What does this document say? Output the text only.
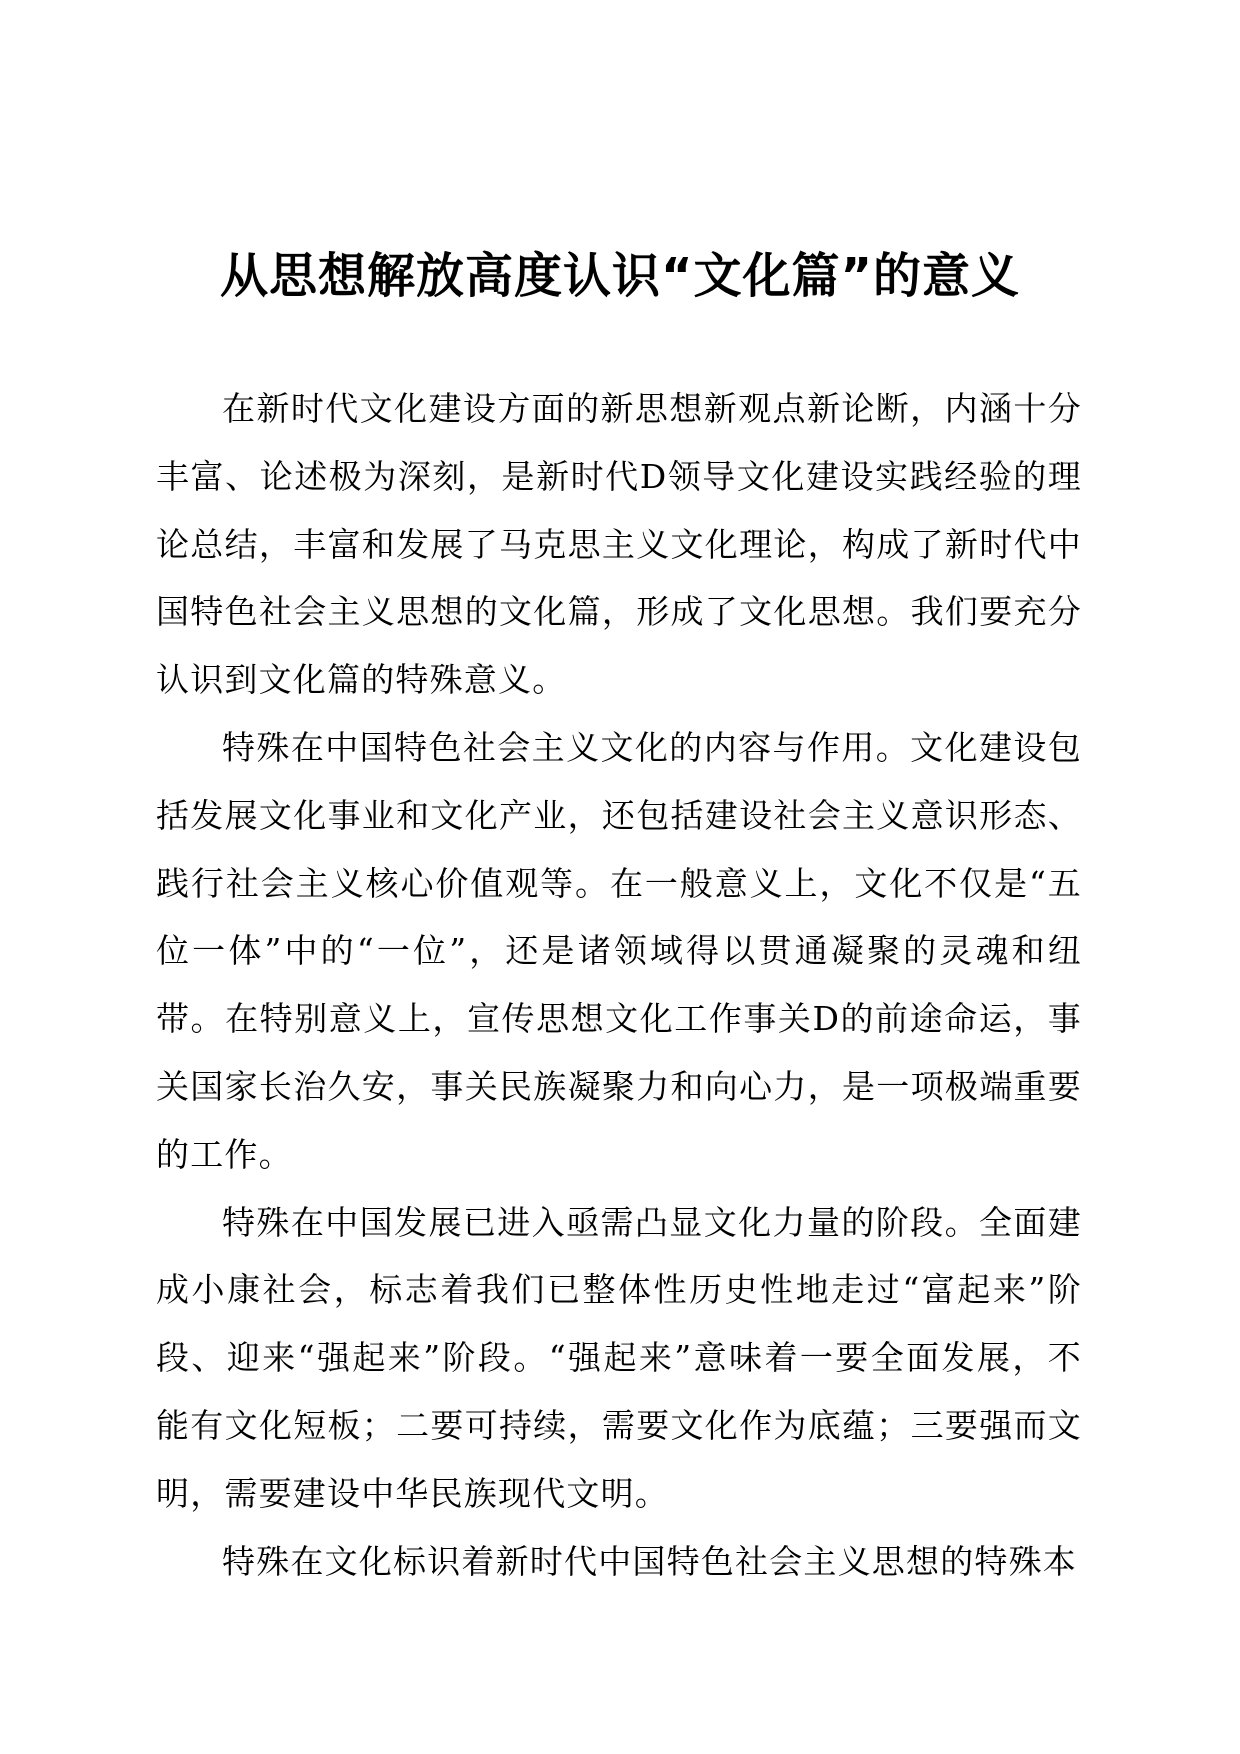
从思想解放高度认识“文化篇”的意义

在新时代文化建设方面的新思想新观点新论断，内涵十分丰富、论述极为深刻，是新时代D领导文化建设实践经验的理论总结，丰富和发展了马克思主义文化理论，构成了新时代中国特色社会主义思想的文化篇，形成了文化思想。我们要充分认识到文化篇的特殊意义。

特殊在中国特色社会主义文化的内容与作用。文化建设包括发展文化事业和文化产业，还包括建设社会主义意识形态、践行社会主义核心价值观等。在一般意义上，文化不仅是“五位一体”中的“一位”，还是诸领域得以贯通凝聚的灵魂和纽带。在特别意义上，宣传思想文化工作事关D的前途命运，事关国家长治久安，事关民族凝聚力和向心力，是一项极端重要的工作。

特殊在中国发展已进入亟需凸显文化力量的阶段。全面建成小康社会，标志着我们已整体性历史性地走过“富起来”阶段、迎来“强起来”阶段。“强起来”意味着一要全面发展，不能有文化短板；二要可持续，需要文化作为底蕴；三要强而文明，需要建设中华民族现代文明。

特殊在文化标识着新时代中国特色社会主义思想的特殊本
